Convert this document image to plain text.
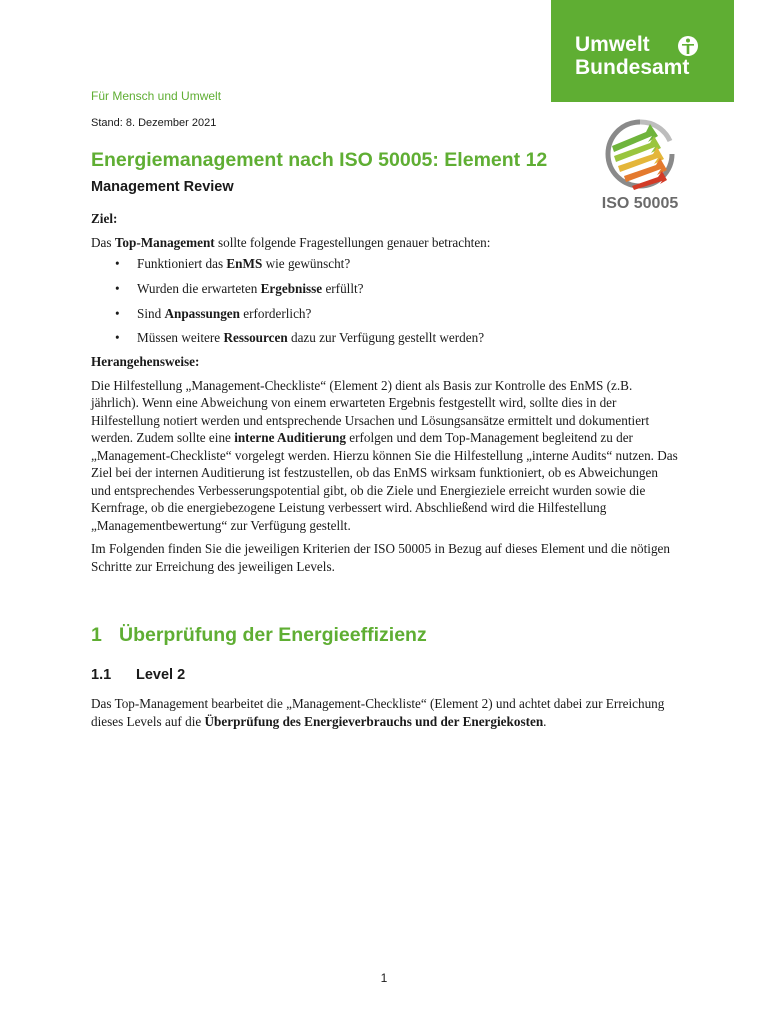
Umwelt
Bundesamt
Für Mensch und Umwelt
Stand: 8. Dezember 2021
Energiemanagement nach ISO 50005: Element 12
Management Review
ISO 50005

Ziel:

Das Top-Management sollte folgende Fragestellungen genauer betrachten:

• Funktioniert das EnMS wie gewünscht?
• Wurden die erwarteten Ergebnisse erfüllt?
• Sind Anpassungen erforderlich?
• Müssen weitere Ressourcen dazu zur Verfügung gestellt werden?

Herangehensweise:

Die Hilfestellung „Management-Checkliste“ (Element 2) dient als Basis zur Kontrolle des EnMS (z.B. jährlich). Wenn eine Abweichung von einem erwarteten Ergebnis festgestellt wird, sollte dies in der Hilfestellung notiert werden und entsprechende Ursachen und Lösungsansätze ermittelt und dokumentiert werden. Zudem sollte eine interne Auditierung erfolgen und dem Top-Management begleitend zu der „Management-Checkliste“ vorgelegt werden. Hierzu können Sie die Hilfestellung „interne Audits“ nutzen. Das Ziel bei der internen Auditierung ist festzustellen, ob das EnMS wirksam funktioniert, ob es Abweichungen und entsprechendes Verbesserungspotential gibt, ob die Ziele und Energieziele erreicht wurden sowie die Kernfrage, ob die energiebezogene Leistung verbessert wird. Abschließend wird die Hilfestellung „Managementbewertung“ zur Verfügung gestellt.

Im Folgenden finden Sie die jeweiligen Kriterien der ISO 50005 in Bezug auf dieses Element und die nötigen Schritte zur Erreichung des jeweiligen Levels.

1 Überprüfung der Energieeffizienz
1.1 Level 2
Das Top-Management bearbeitet die „Management-Checkliste“ (Element 2) und achtet dabei zur Erreichung dieses Levels auf die Überprüfung des Energieverbrauchs und der Energiekosten.
1
